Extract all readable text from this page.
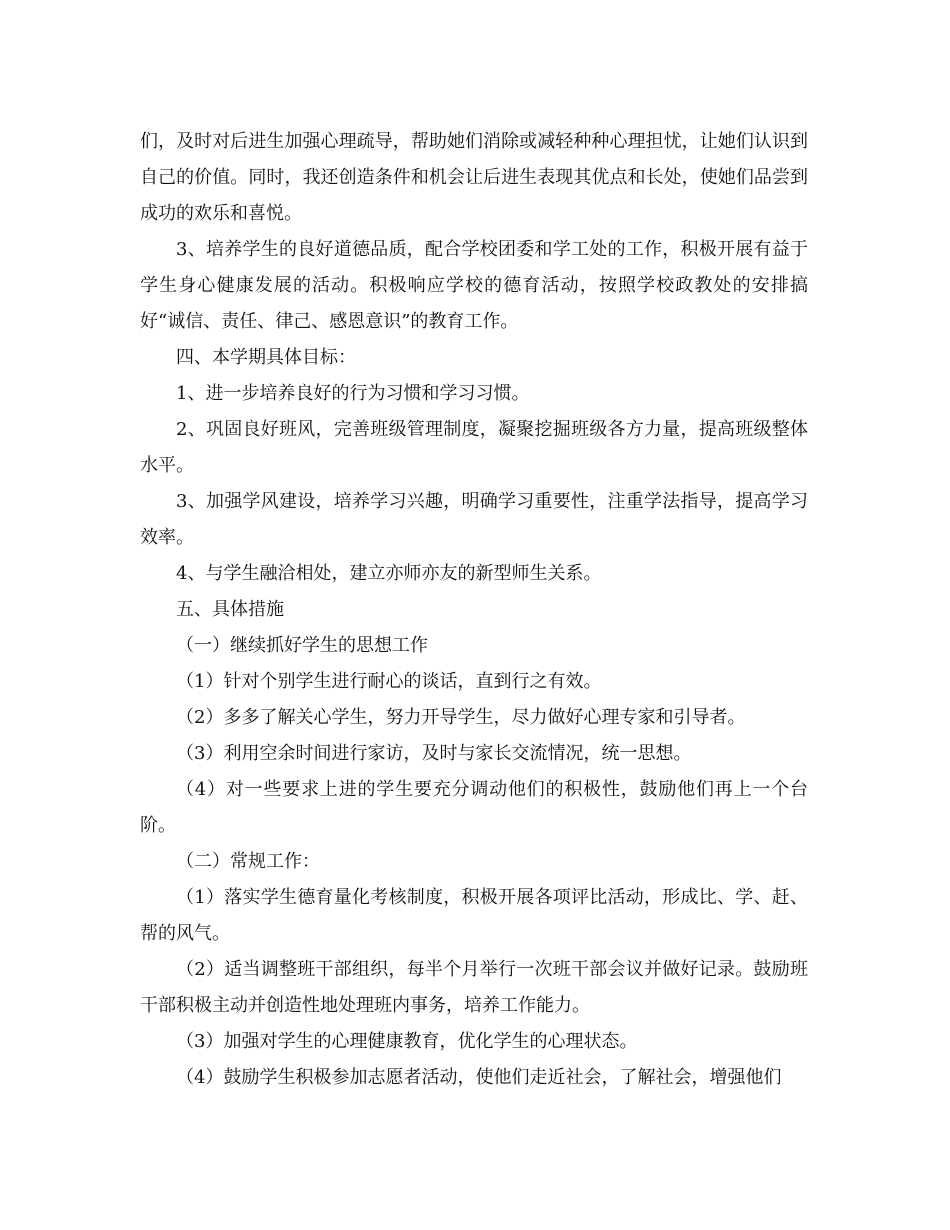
们，及时对后进生加强心理疏导，帮助她们消除或减轻种种心理担忧，让她们认识到自己的价值。同时，我还创造条件和机会让后进生表现其优点和长处，使她们品尝到成功的欢乐和喜悦。

3、培养学生的良好道德品质，配合学校团委和学工处的工作，积极开展有益于学生身心健康发展的活动。积极响应学校的德育活动，按照学校政教处的安排搞好“诚信、责任、律己、感恩意识”的教育工作。

四、本学期具体目标：

1、进一步培养良好的行为习惯和学习习惯。

2、巩固良好班风，完善班级管理制度，凝聚挖掘班级各方力量，提高班级整体水平。

3、加强学风建设，培养学习兴趣，明确学习重要性，注重学法指导，提高学习效率。

4、与学生融洽相处，建立亦师亦友的新型师生关系。

五、具体措施

（一）继续抓好学生的思想工作

（1）针对个别学生进行耐心的谈话，直到行之有效。

（2）多多了解关心学生，努力开导学生，尽力做好心理专家和引导者。

（3）利用空余时间进行家访，及时与家长交流情况，统一思想。

（4）对一些要求上进的学生要充分调动他们的积极性，鼓励他们再上一个台阶。

（二）常规工作：

（1）落实学生德育量化考核制度，积极开展各项评比活动，形成比、学、赶、帮的风气。

（2）适当调整班干部组织，每半个月举行一次班干部会议并做好记录。鼓励班干部积极主动并创造性地处理班内事务，培养工作能力。

（3）加强对学生的心理健康教育，优化学生的心理状态。

（4）鼓励学生积极参加志愿者活动，使他们走近社会，了解社会，增强他们
